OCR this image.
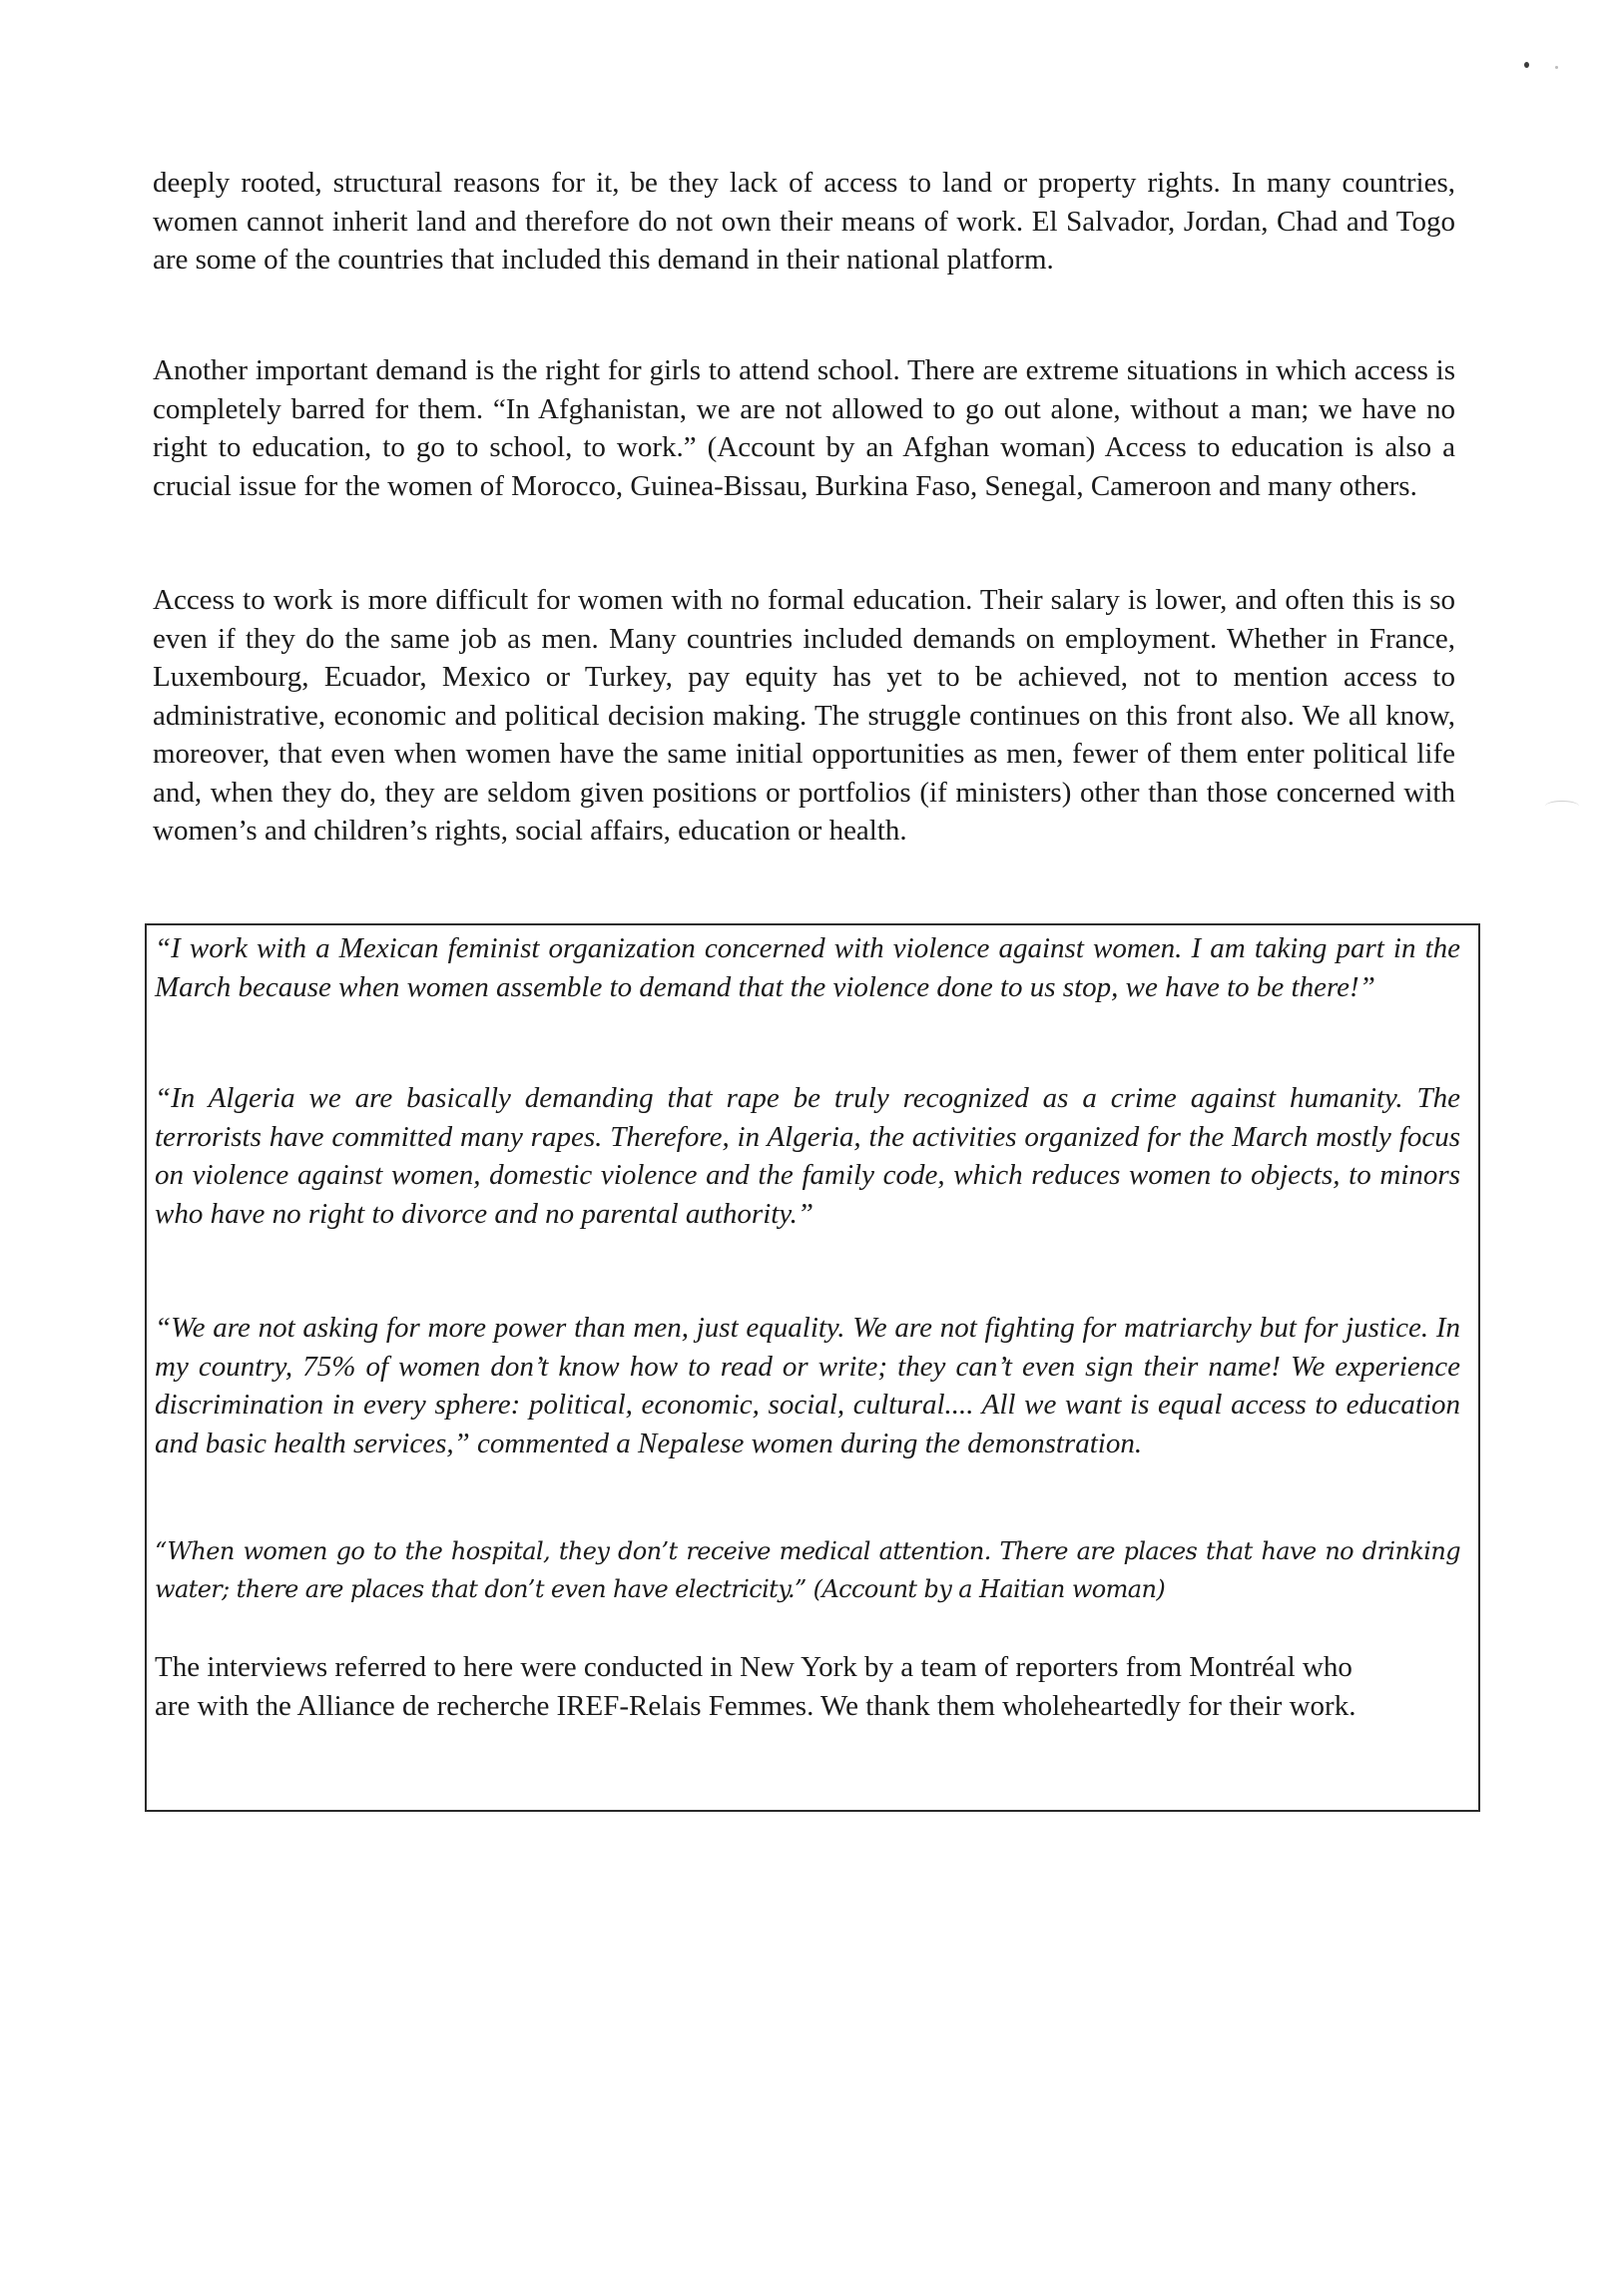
deeply rooted, structural reasons for it, be they lack of access to land or property rights. In many countries, women cannot inherit land and therefore do not own their means of work. El Salvador, Jordan, Chad and Togo are some of the countries that included this demand in their national platform.

Another important demand is the right for girls to attend school. There are extreme situations in which access is completely barred for them. “In Afghanistan, we are not allowed to go out alone, without a man; we have no right to education, to go to school, to work.” (Account by an Afghan woman) Access to education is also a crucial issue for the women of Morocco, Guinea-Bissau, Burkina Faso, Senegal, Cameroon and many others.

Access to work is more difficult for women with no formal education. Their salary is lower, and often this is so even if they do the same job as men. Many countries included demands on employment. Whether in France, Luxembourg, Ecuador, Mexico or Turkey, pay equity has yet to be achieved, not to mention access to administrative, economic and political decision making. The struggle continues on this front also. We all know, moreover, that even when women have the same initial opportunities as men, fewer of them enter political life and, when they do, they are seldom given positions or portfolios (if ministers) other than those concerned with women’s and children’s rights, social affairs, education or health.

“I work with a Mexican feminist organization concerned with violence against women. I am taking part in the March because when women assemble to demand that the violence done to us stop, we have to be there!”

“In Algeria we are basically demanding that rape be truly recognized as a crime against humanity. The terrorists have committed many rapes. Therefore, in Algeria, the activities organized for the March mostly focus on violence against women, domestic violence and the family code, which reduces women to objects, to minors who have no right to divorce and no parental authority.”

“We are not asking for more power than men, just equality. We are not fighting for matriarchy but for justice. In my country, 75% of women don’t know how to read or write; they can’t even sign their name! We experience discrimination in every sphere: political, economic, social, cultural.... All we want is equal access to education and basic health services,” commented a Nepalese women during the demonstration.

“When women go to the hospital, they don’t receive medical attention. There are places that have no drinking water; there are places that don’t even have electricity.” (Account by a Haitian woman)

The interviews referred to here were conducted in New York by a team of reporters from Montréal who are with the Alliance de recherche IREF-Relais Femmes. We thank them wholeheartedly for their work.
